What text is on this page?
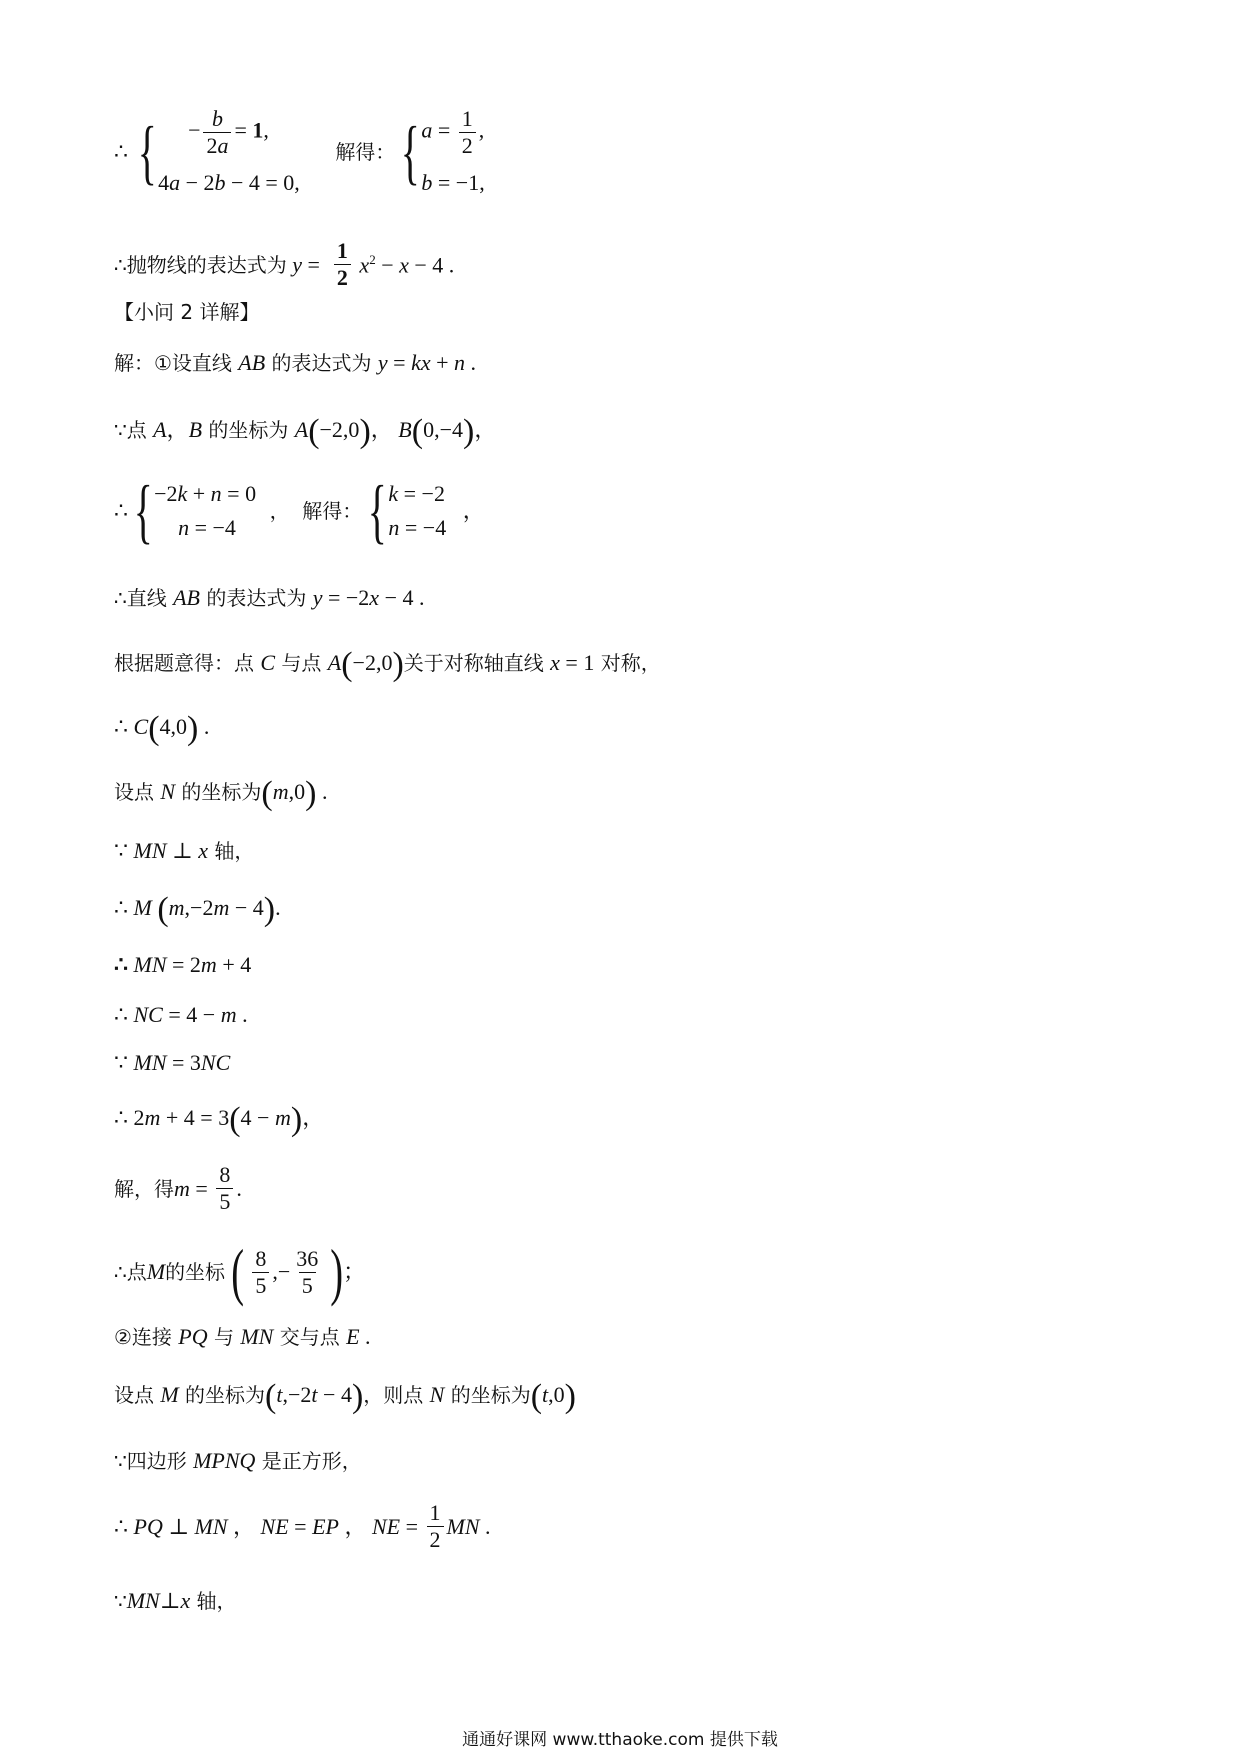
∴ {	− $\frac{b}{2a} = 1$,
4a − 2b − 4 = 0,
解得： { $a = \frac{1}{2}$ ,
b = −1,
∴抛物线的表达式为 $y = \frac{1}{2} x^2 - x - 4$ .
【小问 2 详解】
解：①设直线 AB 的表达式为 y = kx + n .
∵点 A，B 的坐标为 A(−2,0)， B(0,−4)，
∴ { −2k + n = 0
n = −4
，  解得： { k = −2
n = −4
，
∴直线 AB 的表达式为 y = −2x − 4 .
根据题意得：点 C 与点 A(−2,0)关于对称轴直线 x = 1 对称，
∴ C(4,0) .
设点 N 的坐标为(m,0) .
∵ MN ⊥ x 轴，
∴ M (m,−2m − 4).
∴ MN = 2m + 4
∴ NC = 4 − m .
∵ MN = 3NC
∴ 2m + 4 = 3(4 − m)，
解，得$m = \frac{8}{5}$ .
∴点M的坐标 ( $\frac{8}{5}$ ,− $\frac{36}{5}$ )；
②连接 PQ 与 MN 交与点 E .
设点 M 的坐标为(t,−2t − 4)，则点 N 的坐标为(t,0)
∵四边形 MPNQ 是正方形，
∴ PQ ⊥ MN ， NE = EP ， NE = $\frac{1}{2}$ MN .
∵MN⊥x 轴，
通通好课网 www.tthaoke.com 提供下载
